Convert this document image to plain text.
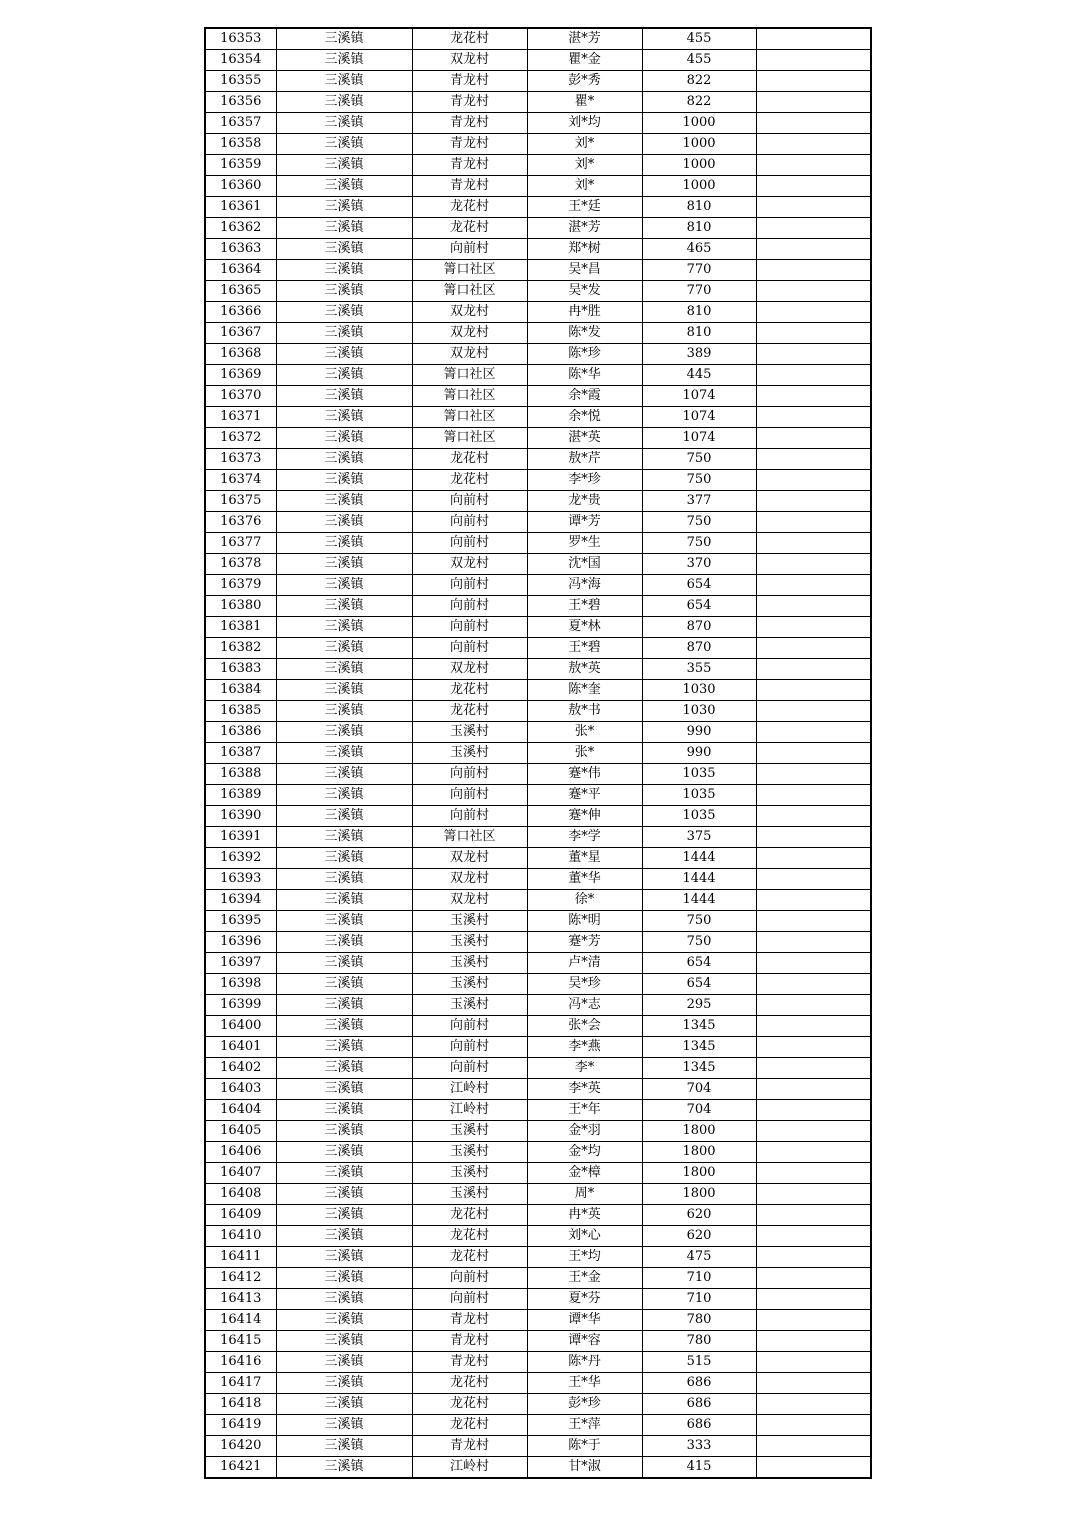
16353	三溪镇	龙花村	湛*芳	455	
16354	三溪镇	双龙村	瞿*金	455	
16355	三溪镇	青龙村	彭*秀	822	
16356	三溪镇	青龙村	瞿*	822	
16357	三溪镇	青龙村	刘*均	1000	
16358	三溪镇	青龙村	刘*	1000	
16359	三溪镇	青龙村	刘*	1000	
16360	三溪镇	青龙村	刘*	1000	
16361	三溪镇	龙花村	王*廷	810	
16362	三溪镇	龙花村	湛*芳	810	
16363	三溪镇	向前村	郑*树	465	
16364	三溪镇	箐口社区	吴*昌	770	
16365	三溪镇	箐口社区	吴*发	770	
16366	三溪镇	双龙村	冉*胜	810	
16367	三溪镇	双龙村	陈*发	810	
16368	三溪镇	双龙村	陈*珍	389	
16369	三溪镇	箐口社区	陈*华	445	
16370	三溪镇	箐口社区	余*霞	1074	
16371	三溪镇	箐口社区	余*悦	1074	
16372	三溪镇	箐口社区	湛*英	1074	
16373	三溪镇	龙花村	敖*芹	750	
16374	三溪镇	龙花村	李*珍	750	
16375	三溪镇	向前村	龙*贵	377	
16376	三溪镇	向前村	谭*芳	750	
16377	三溪镇	向前村	罗*生	750	
16378	三溪镇	双龙村	沈*国	370	
16379	三溪镇	向前村	冯*海	654	
16380	三溪镇	向前村	王*碧	654	
16381	三溪镇	向前村	夏*林	870	
16382	三溪镇	向前村	王*碧	870	
16383	三溪镇	双龙村	敖*英	355	
16384	三溪镇	龙花村	陈*奎	1030	
16385	三溪镇	龙花村	敖*书	1030	
16386	三溪镇	玉溪村	张*	990	
16387	三溪镇	玉溪村	张*	990	
16388	三溪镇	向前村	蹇*伟	1035	
16389	三溪镇	向前村	蹇*平	1035	
16390	三溪镇	向前村	蹇*伸	1035	
16391	三溪镇	箐口社区	李*学	375	
16392	三溪镇	双龙村	董*星	1444	
16393	三溪镇	双龙村	董*华	1444	
16394	三溪镇	双龙村	徐*	1444	
16395	三溪镇	玉溪村	陈*明	750	
16396	三溪镇	玉溪村	蹇*芳	750	
16397	三溪镇	玉溪村	卢*清	654	
16398	三溪镇	玉溪村	吴*珍	654	
16399	三溪镇	玉溪村	冯*志	295	
16400	三溪镇	向前村	张*会	1345	
16401	三溪镇	向前村	李*燕	1345	
16402	三溪镇	向前村	李*	1345	
16403	三溪镇	江岭村	李*英	704	
16404	三溪镇	江岭村	王*年	704	
16405	三溪镇	玉溪村	金*羽	1800	
16406	三溪镇	玉溪村	金*均	1800	
16407	三溪镇	玉溪村	金*樟	1800	
16408	三溪镇	玉溪村	周*	1800	
16409	三溪镇	龙花村	冉*英	620	
16410	三溪镇	龙花村	刘*心	620	
16411	三溪镇	龙花村	王*均	475	
16412	三溪镇	向前村	王*金	710	
16413	三溪镇	向前村	夏*芬	710	
16414	三溪镇	青龙村	谭*华	780	
16415	三溪镇	青龙村	谭*容	780	
16416	三溪镇	青龙村	陈*丹	515	
16417	三溪镇	龙花村	王*华	686	
16418	三溪镇	龙花村	彭*珍	686	
16419	三溪镇	龙花村	王*萍	686	
16420	三溪镇	青龙村	陈*于	333	
16421	三溪镇	江岭村	甘*淑	415	
